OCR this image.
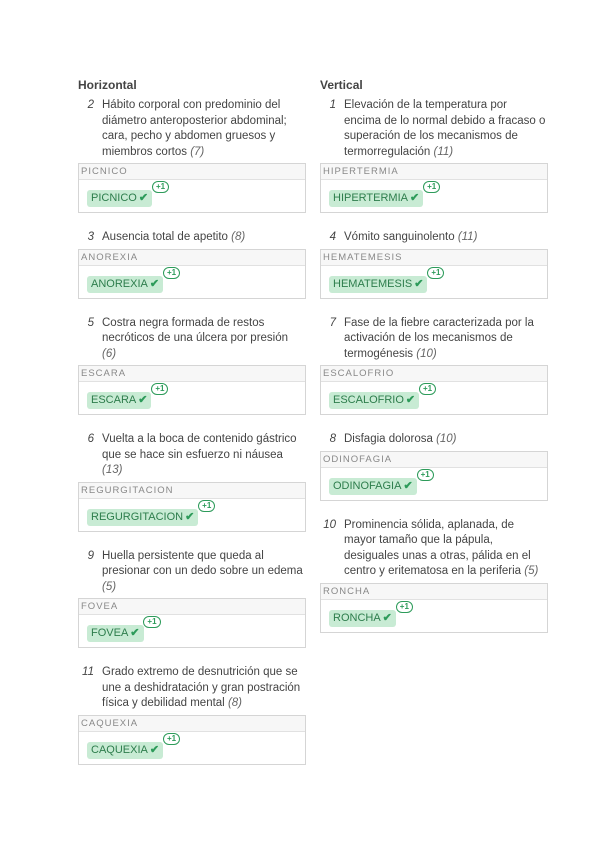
Horizontal
2 Hábito corporal con predominio del diámetro anteroposterior abdominal; cara, pecho y abdomen gruesos y miembros cortos (7)
PICNICO
PICNICO ✔
+1
3 Ausencia total de apetito (8)
ANOREXIA
ANOREXIA ✔
+1
5 Costra negra formada de restos necróticos de una úlcera por presión (6)
ESCARA
ESCARA ✔
+1
6 Vuelta a la boca de contenido gástrico que se hace sin esfuerzo ni náusea (13)
REGURGITACION
REGURGITACION ✔
+1
9 Huella persistente que queda al presionar con un dedo sobre un edema (5)
FOVEA
FOVEA ✔
+1
11 Grado extremo de desnutrición que se une a deshidratación y gran postración física y debilidad mental (8)
CAQUEXIA
CAQUEXIA ✔
+1
Vertical
1 Elevación de la temperatura por encima de lo normal debido a fracaso o superación de los mecanismos de termorregulación (11)
HIPERTERMIA
HIPERTERMIA ✔
+1
4 Vómito sanguinolento (11)
HEMATEMESIS
HEMATEMESIS ✔
+1
7 Fase de la fiebre caracterizada por la activación de los mecanismos de termogénesis (10)
ESCALOFRIO
ESCALOFRIO ✔
+1
8 Disfagia dolorosa (10)
ODINOFAGIA
ODINOFAGIA ✔
+1
10 Prominencia sólida, aplanada, de mayor tamaño que la pápula, desiguales unas a otras, pálida en el centro y eritematosa en la periferia (5)
RONCHA
RONCHA ✔
+1
